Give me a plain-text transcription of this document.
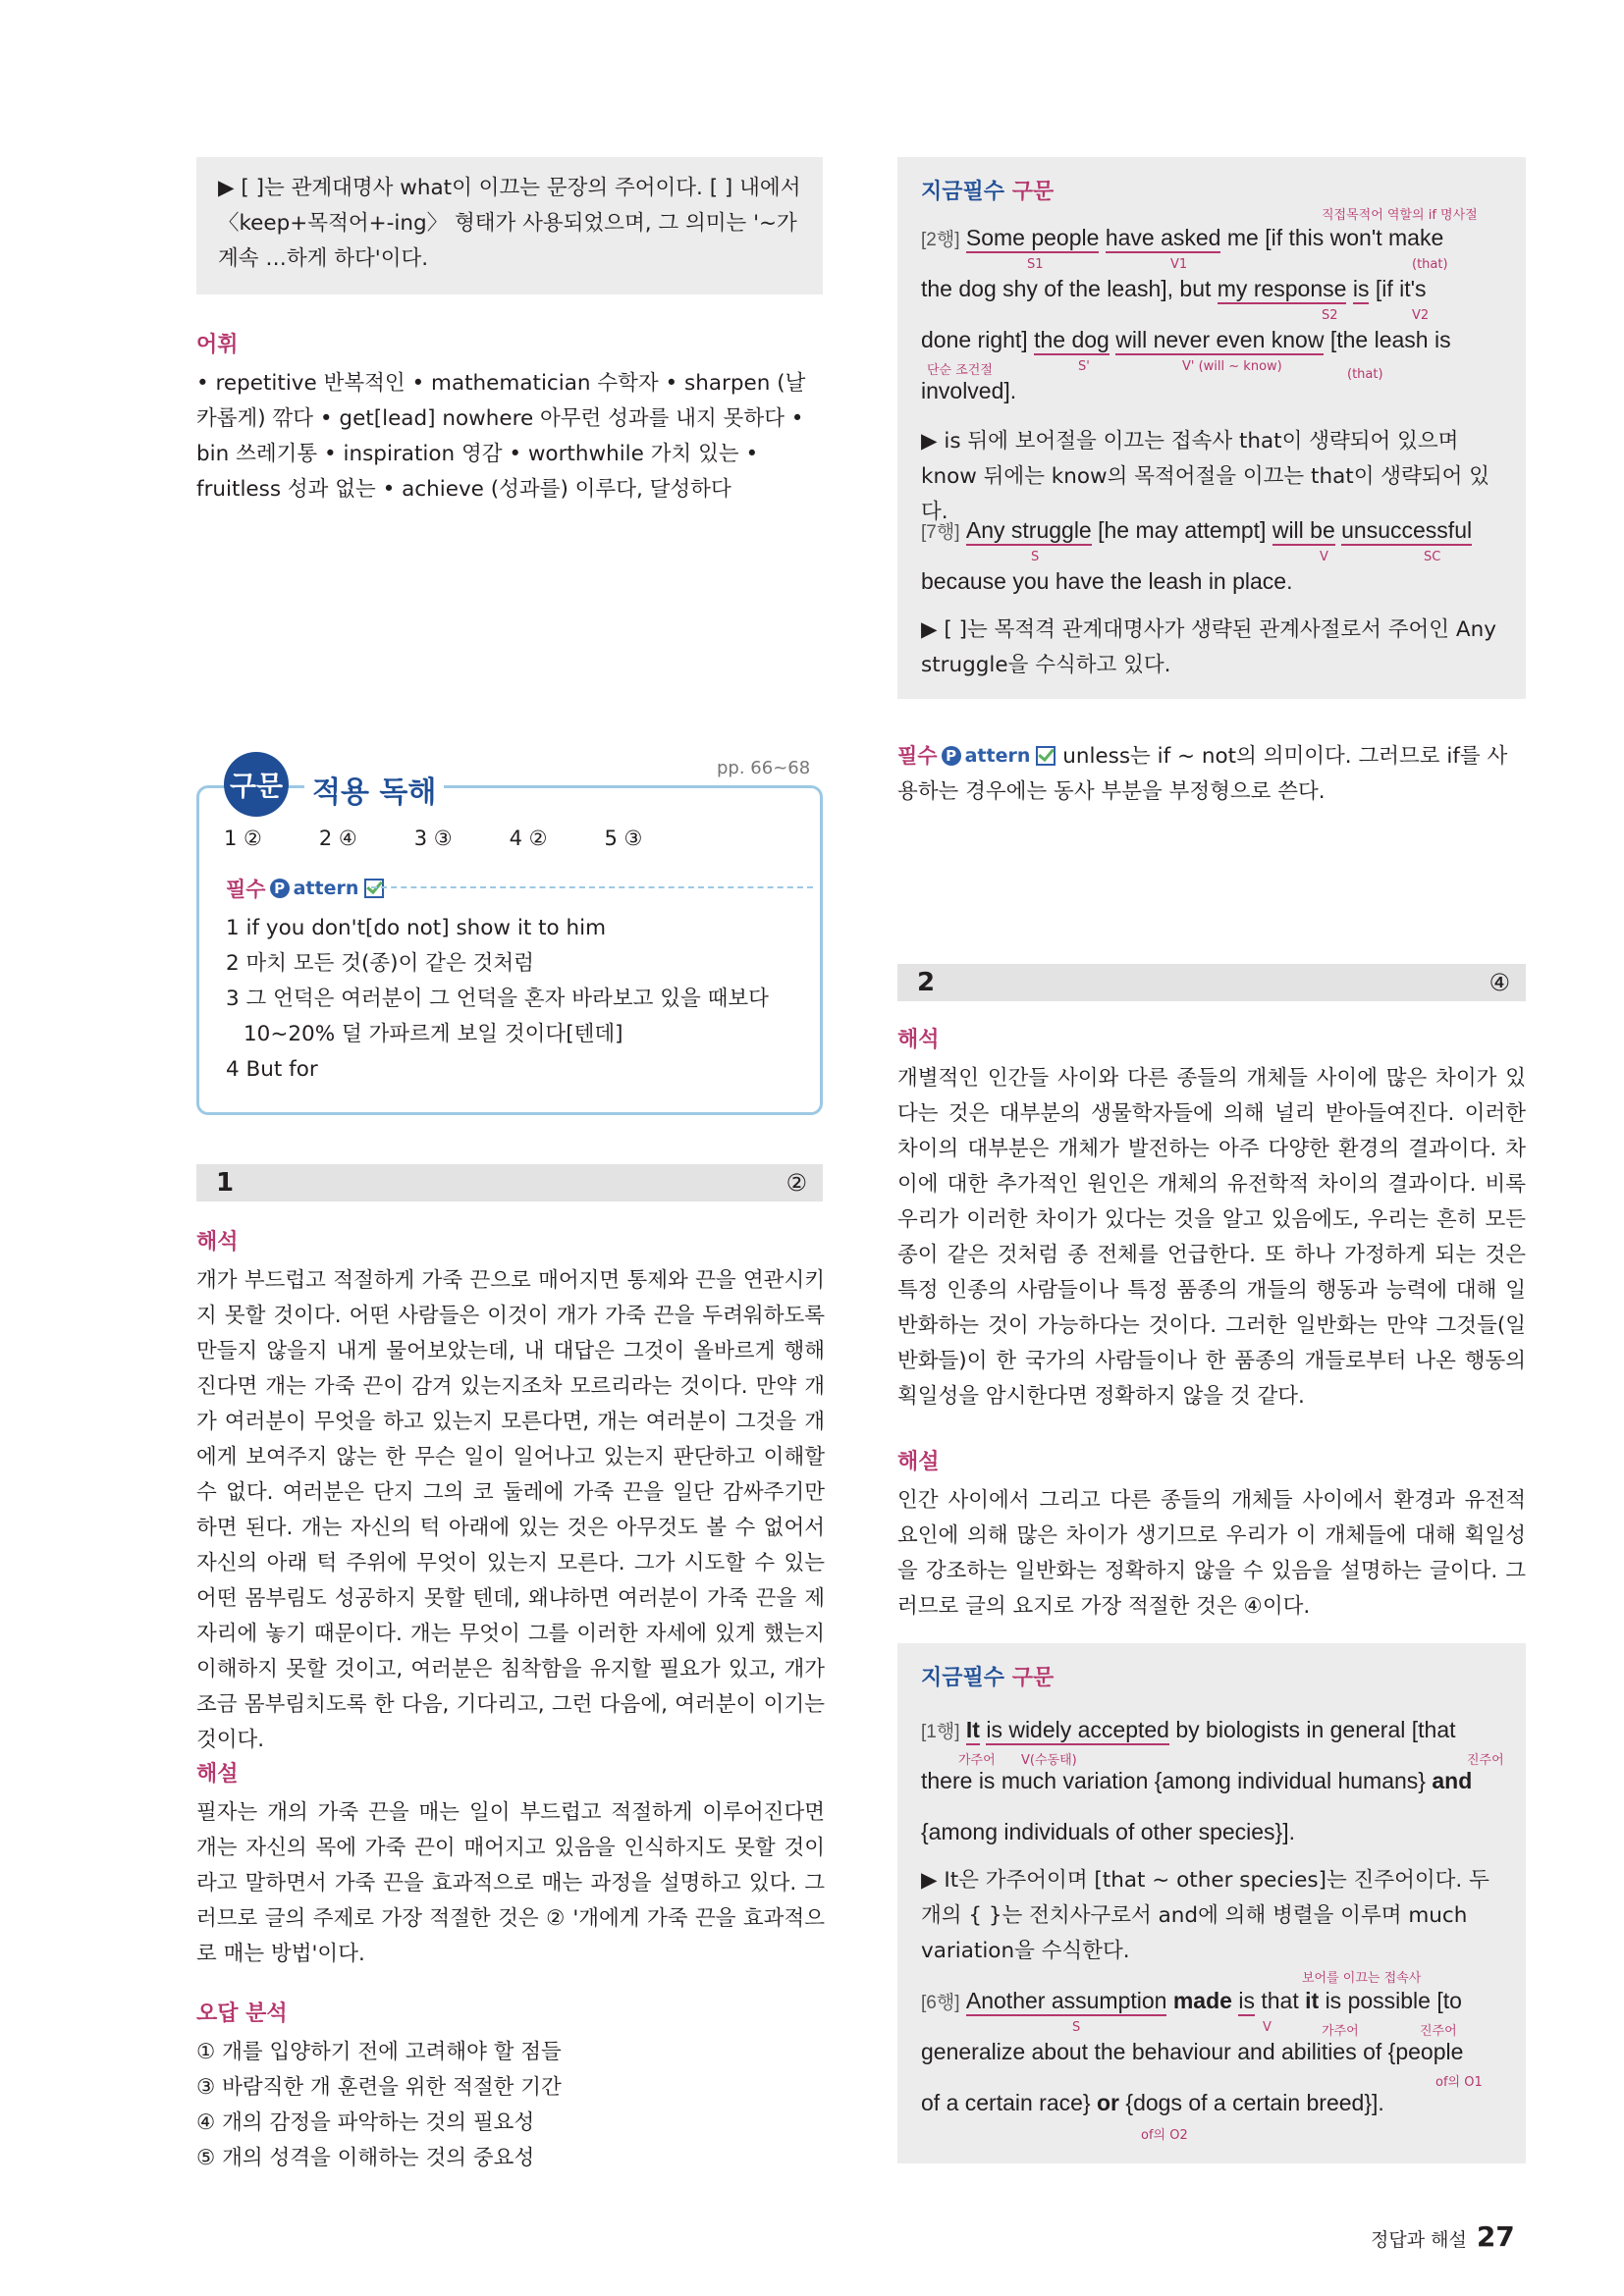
▶ [ ]는 관계대명사 what이 이끄는 문장의 주어이다. [ ] 내에서 〈keep+목적어+-ing〉 형태가 사용되었으며, 그 의미는 '~가 계속 …하게 하다'이다.

어휘

• repetitive 반복적인 • mathematician 수학자 • sharpen (날카롭게) 깎다 • get[lead] nowhere 아무런 성과를 내지 못하다 • bin 쓰레기통 • inspiration 영감 • worthwhile 가치 있는 • fruitless 성과 없는 • achieve (성과를) 이루다, 달성하다

구문 적용 독해
pp. 66~68
1 ②	2 ④	3 ③	4 ②	5 ③
필수 P attern
1 if you don't[do not] show it to him
2 마치 모든 것(종)이 같은 것처럼
3 그 언덕은 여러분이 그 언덕을 혼자 바라보고 있을 때보다
10~20% 덜 가파르게 보일 것이다[텐데]
4 But for
1	②
해석

개가 부드럽고 적절하게 가죽 끈으로 매어지면 통제와 끈을 연관시키지 못할 것이다. 어떤 사람들은 이것이 개가 가죽 끈을 두려워하도록 만들지 않을지 내게 물어보았는데, 내 대답은 그것이 올바르게 행해진다면 개는 가죽 끈이 감겨 있는지조차 모르리라는 것이다. 만약 개가 여러분이 무엇을 하고 있는지 모른다면, 개는 여러분이 그것을 개에게 보여주지 않는 한 무슨 일이 일어나고 있는지 판단하고 이해할 수 없다. 여러분은 단지 그의 코 둘레에 가죽 끈을 일단 감싸주기만 하면 된다. 개는 자신의 턱 아래에 있는 것은 아무것도 볼 수 없어서 자신의 아래 턱 주위에 무엇이 있는지 모른다. 그가 시도할 수 있는 어떤 몸부림도 성공하지 못할 텐데, 왜냐하면 여러분이 가죽 끈을 제자리에 놓기 때문이다. 개는 무엇이 그를 이러한 자세에 있게 했는지 이해하지 못할 것이고, 여러분은 침착함을 유지할 필요가 있고, 개가 조금 몸부림치도록 한 다음, 기다리고, 그런 다음에, 여러분이 이기는 것이다.

해설

필자는 개의 가죽 끈을 매는 일이 부드럽고 적절하게 이루어진다면 개는 자신의 목에 가죽 끈이 매어지고 있음을 인식하지도 못할 것이라고 말하면서 가죽 끈을 효과적으로 매는 과정을 설명하고 있다. 그러므로 글의 주제로 가장 적절한 것은 ② '개에게 가죽 끈을 효과적으로 매는 방법'이다.

오답 분석
① 개를 입양하기 전에 고려해야 할 점들
③ 바람직한 개 훈련을 위한 적절한 기간
④ 개의 감정을 파악하는 것의 필요성
⑤ 개의 성격을 이해하는 것의 중요성
지금필수 구문
직접목적어 역할의 if 명사절
[2행] Some people have asked me [if this won't make
S1	V1	(that)
the dog shy of the leash], but my response is [if it's
S2	V2
done right] the dog will never even know [the leash is
단순 조건절	S'	V' (will ~ know)
(that)
involved].

▶ is 뒤에 보어절을 이끄는 접속사 that이 생략되어 있으며 know 뒤에는 know의 목적어절을 이끄는 that이 생략되어 있다.

[7행] Any struggle [he may attempt] will be unsuccessful
S	V	SC
because you have the leash in place.

▶ [ ]는 목적격 관계대명사가 생략된 관계사절로서 주어인 Any struggle을 수식하고 있다.

필수 P attern unless는 if ~ not의 의미이다. 그러므로 if를 사용하는 경우에는 동사 부분을 부정형으로 쓴다.
2	④
해석

개별적인 인간들 사이와 다른 종들의 개체들 사이에 많은 차이가 있다는 것은 대부분의 생물학자들에 의해 널리 받아들여진다. 이러한 차이의 대부분은 개체가 발전하는 아주 다양한 환경의 결과이다. 차이에 대한 추가적인 원인은 개체의 유전학적 차이의 결과이다. 비록 우리가 이러한 차이가 있다는 것을 알고 있음에도, 우리는 흔히 모든 종이 같은 것처럼 종 전체를 언급한다. 또 하나 가정하게 되는 것은 특정 인종의 사람들이나 특정 품종의 개들의 행동과 능력에 대해 일반화하는 것이 가능하다는 것이다. 그러한 일반화는 만약 그것들(일반화들)이 한 국가의 사람들이나 한 품종의 개들로부터 나온 행동의 획일성을 암시한다면 정확하지 않을 것 같다.

해설

인간 사이에서 그리고 다른 종들의 개체들 사이에서 환경과 유전적 요인에 의해 많은 차이가 생기므로 우리가 이 개체들에 대해 획일성을 강조하는 일반화는 정확하지 않을 수 있음을 설명하는 글이다. 그러므로 글의 요지로 가장 적절한 것은 ④이다.

지금필수 구문
[1행] It is widely accepted by biologists in general [that
가주어 V(수동태)	진주어
there is much variation {among individual humans} and
{among individuals of other species}].

▶ It은 가주어이며 [that ~ other species]는 진주어이다. 두 개의 { }는 전치사구로서 and에 의해 병렬을 이루며 much variation을 수식한다.

보어를 이끄는 접속사
[6행] Another assumption made is that it is possible [to
S	V	가주어	진주어
generalize about the behaviour and abilities of {people
of의 O1
of a certain race} or {dogs of a certain breed}].
of의 O2
정답과 해설 27
